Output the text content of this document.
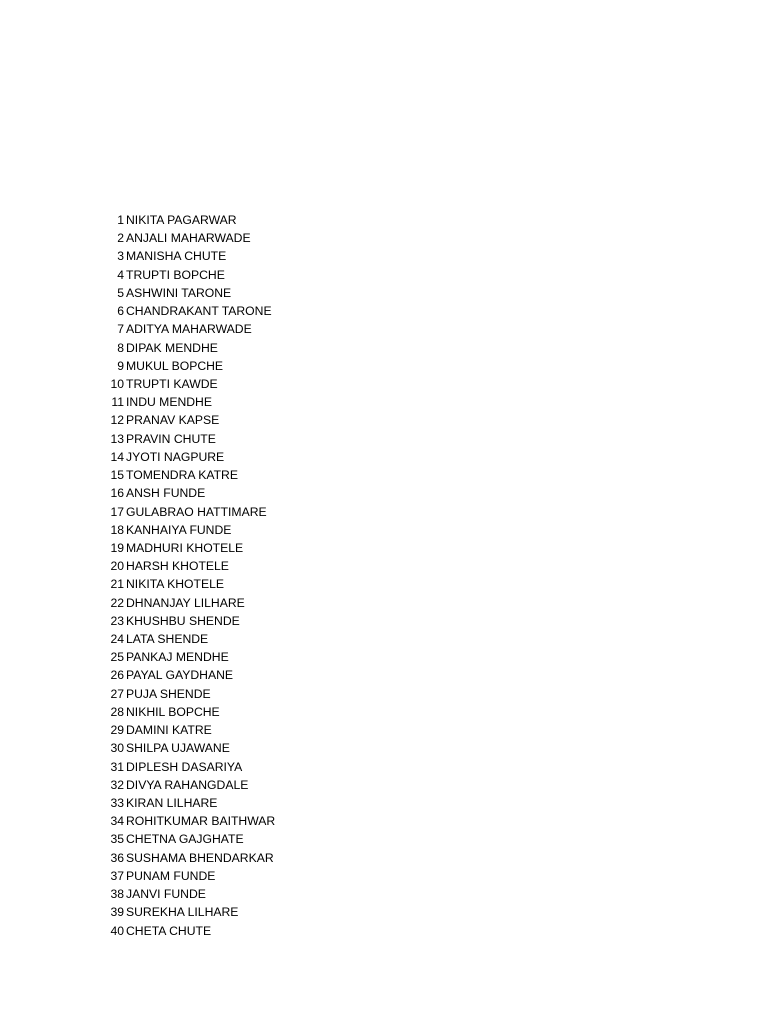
1 NIKITA PAGARWAR
2 ANJALI MAHARWADE
3 MANISHA CHUTE
4 TRUPTI BOPCHE
5 ASHWINI TARONE
6 CHANDRAKANT TARONE
7 ADITYA MAHARWADE
8 DIPAK MENDHE
9 MUKUL BOPCHE
10 TRUPTI KAWDE
11 INDU MENDHE
12 PRANAV KAPSE
13 PRAVIN CHUTE
14 JYOTI NAGPURE
15 TOMENDRA KATRE
16 ANSH FUNDE
17 GULABRAO HATTIMARE
18 KANHAIYA FUNDE
19 MADHURI KHOTELE
20 HARSH KHOTELE
21 NIKITA KHOTELE
22 DHNANJAY LILHARE
23 KHUSHBU SHENDE
24 LATA SHENDE
25 PANKAJ MENDHE
26 PAYAL GAYDHANE
27 PUJA SHENDE
28 NIKHIL BOPCHE
29 DAMINI KATRE
30 SHILPA UJAWANE
31 DIPLESH DASARIYA
32 DIVYA RAHANGDALE
33 KIRAN LILHARE
34 ROHITKUMAR BAITHWAR
35 CHETNA GAJGHATE
36 SUSHAMA BHENDARKAR
37 PUNAM FUNDE
38 JANVI FUNDE
39 SUREKHA LILHARE
40 CHETA CHUTE
